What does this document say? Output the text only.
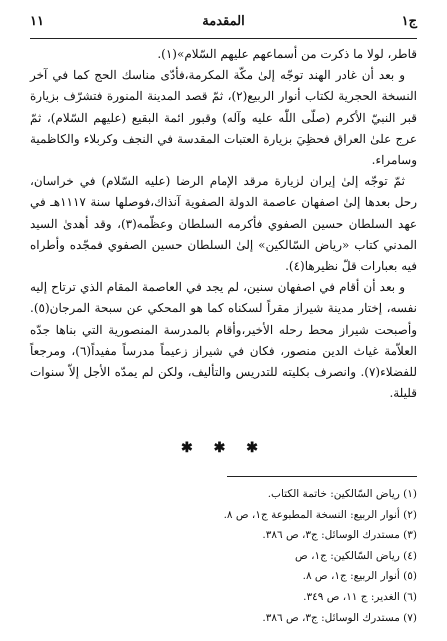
ج١
المقدمة
١١

قاطر، لولا ما ذكرت من أسماعهم عليهم السّلام»(١).

و بعد أن غادر الهند توجّه إلىٰ مكّة المكرمة،فأدّى مناسك الحج كما في آخر النسخة الحجرية لكتاب أنوار الربيع(٢)، ثمّ قصد المدينة المنورة فتشرّف بزيارة قبر النبيّ الأكرم (صلّى اللّٰه عليه وآله) وقبور ائمة البقيع (عليهم السّلام)، ثمّ عرج علىٰ العراق فحظِيَ بزيارة العتبات المقدسة في النجف وكربلاء والكاظمية وسامراء.

ثمّ توجّه إلىٰ إيران لزيارة مرقد الإمام الرضا (عليه السّلام) في خراسان، رحل بعدها إلىٰ اصفهان عاصمة الدولة الصفوية آنذاك،فوصلها سنة ١١١٧هـ في عهد السلطان حسين الصفوي فأكرمه السلطان وعظّمه(٣)، وقد أهدىٰ السيد المدني كتاب «رياض السّالكين» إلىٰ السلطان حسين الصفوي فمجّده وأطراه فيه بعبارات قلّ نظيرها(٤).

و بعد أن أقام في اصفهان سنين، لم يجد في العاصمة المقام الذي ترتاح إليه نفسه، إختار مدينة شيراز مقراً لسكناه كما هو المحكي عن سبحة المرجان(٥). وأصبحت شيراز محط رحله الأخير،وأقام بالمدرسة المنصورية التي بناها جدّه العلاّمة غياث الدين منصور، فكان في شيراز زعيماً مدرساً مفيداً(٦)، ومرجعاً للفضلاء(٧). وانصرف بكليته للتدريس والتأليف، ولكن لم يمدّه الأجل إلاّ سنوات قليلة.

✱ ✱ ✱
(١) رياض السّالكين: خاتمة الكتاب.
(٢) أنوار الربيع: النسخة المطبوعة ج١، ص ٨.
(٣) مستدرك الوسائل: ج٣، ص ٣٨٦.
(٤) رياض السّالكين: ج١، ص
(٥) أنوار الربيع: ج١، ص ٨.
(٦) الغدير: ج ١١، ص ٣٤٩.
(٧) مستدرك الوسائل: ج٣، ص ٣٨٦.
